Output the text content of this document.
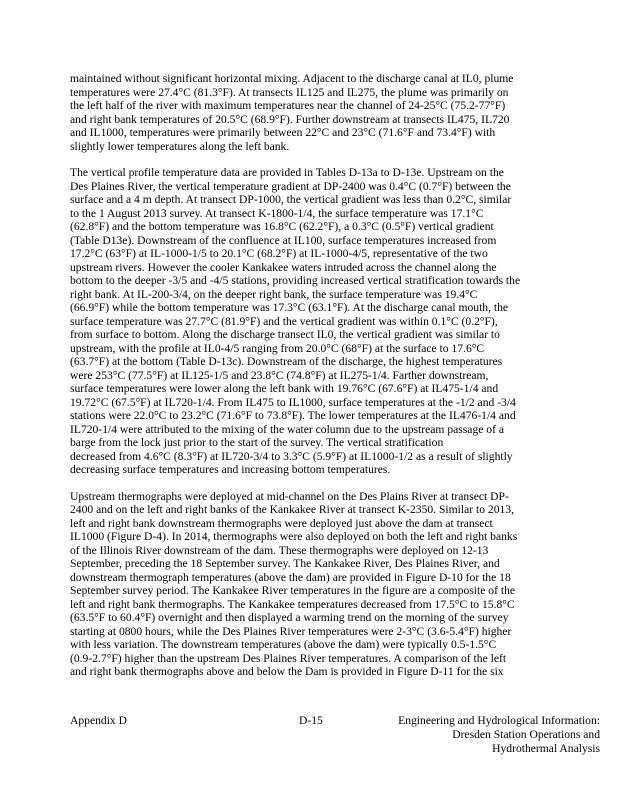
maintained without significant horizontal mixing. Adjacent to the discharge canal at IL0, plume
temperatures were 27.4°C (81.3°F). At transects IL125 and IL275, the plume was primarily on
the left half of the river with maximum temperatures near the channel of 24-25°C (75.2-77°F)
and right bank temperatures of 20.5°C (68.9°F). Further downstream at transects IL475, IL720
and IL1000, temperatures were primarily between 22°C and 23°C (71.6°F and 73.4°F) with
slightly lower temperatures along the left bank.
The vertical profile temperature data are provided in Tables D-13a to D-13e. Upstream on the
Des Plaines River, the vertical temperature gradient at DP-2400 was 0.4°C (0.7°F) between the
surface and a 4 m depth. At transect DP-1000, the vertical gradient was less than 0.2°C, similar
to the 1 August 2013 survey. At transect K-1800-1/4, the surface temperature was 17.1°C
(62.8°F) and the bottom temperature was 16.8°C (62.2°F), a 0.3°C (0.5°F) vertical gradient
(Table D13e). Downstream of the confluence at IL100, surface temperatures increased from
17.2°C (63°F) at IL-1000-1/5 to 20.1°C (68.2°F) at IL-1000-4/5, representative of the two
upstream rivers. However the cooler Kankakee waters intruded across the channel along the
bottom to the deeper -3/5 and -4/5 stations, providing increased vertical stratification towards the
right bank. At IL-200-3/4, on the deeper right bank, the surface temperature was 19.4°C
(66.9°F) while the bottom temperature was 17.3°C (63.1°F). At the discharge canal mouth, the
surface temperature was 27.7°C (81.9°F) and the vertical gradient was within 0.1°C (0.2°F),
from surface to bottom. Along the discharge transect IL0, the vertical gradient was similar to
upstream, with the profile at IL0-4/5 ranging from 20.0°C (68°F) at the surface to 17.6°C
(63.7°F) at the bottom (Table D-13c). Downstream of the discharge, the highest temperatures
were 253°C (77.5°F) at IL125-1/5 and 23.8°C (74.8°F) at IL275-1/4. Farther downstream,
surface temperatures were lower along the left bank with 19.76°C (67.6°F) at IL475-1/4 and
19.72°C (67.5°F) at IL720-1/4. From IL475 to IL1000, surface temperatures at the -1/2 and -3/4
stations were 22.0°C to 23.2°C (71.6°F to 73.8°F). The lower temperatures at the IL476-1/4 and
IL720-1/4 were attributed to the mixing of the water column due to the upstream passage of a
barge from the lock just prior to the start of the survey. The vertical stratification
decreased from 4.6°C (8.3°F) at IL720-3/4 to 3.3°C (5.9°F) at IL1000-1/2 as a result of slightly
decreasing surface temperatures and increasing bottom temperatures.
Upstream thermographs were deployed at mid-channel on the Des Plains River at transect DP-
2400 and on the left and right banks of the Kankakee River at transect K-2350. Similar to 2013,
left and right bank downstream thermographs were deployed just above the dam at transect
IL1000 (Figure D-4). In 2014, thermographs were also deployed on both the left and right banks
of the Illinois River downstream of the dam. These thermographs were deployed on 12-13
September, preceding the 18 September survey. The Kankakee River, Des Plaines River, and
downstream thermograph temperatures (above the dam) are provided in Figure D-10 for the 18
September survey period. The Kankakee River temperatures in the figure are a composite of the
left and right bank thermographs. The Kankakee temperatures decreased from 17.5°C to 15.8°C
(63.5°F to 60.4°F) overnight and then displayed a warming trend on the morning of the survey
starting at 0800 hours, while the Des Plaines River temperatures were 2-3°C (3.6-5.4°F) higher
with less variation. The downstream temperatures (above the dam) were typically 0.5-1.5°C
(0.9-2.7°F) higher than the upstream Des Plaines River temperatures. A comparison of the left
and right bank thermographs above and below the Dam is provided in Figure D-11 for the six
Appendix D	D-15	Engineering and Hydrological Information:
Dresden Station Operations and
Hydrothermal Analysis
